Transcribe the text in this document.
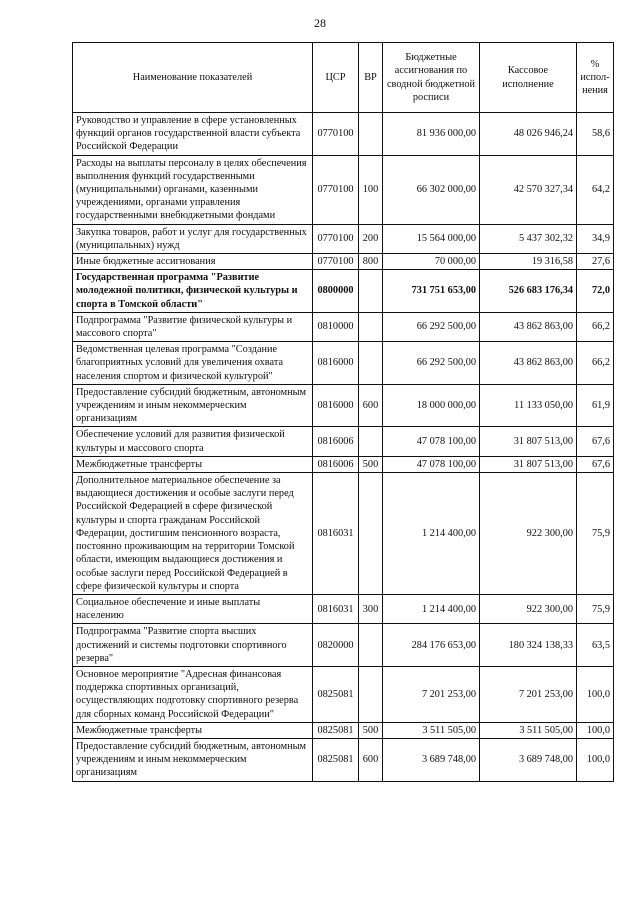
28
Наименование показателей	ЦСР	ВР	Бюджетные ассигнования по сводной бюджетной росписи	Кассовое исполнение	% испол-нения
Руководство и управление в сфере установленных функций органов государственной власти субъекта Российской Федерации	0770100		81 936 000,00	48 026 946,24	58,6
Расходы на выплаты персоналу в целях обеспечения выполнения функций государственными (муниципальными) органами, казенными учреждениями, органами управления государственными внебюджетными фондами	0770100	100	66 302 000,00	42 570 327,34	64,2
Закупка товаров, работ и услуг для государственных (муниципальных) нужд	0770100	200	15 564 000,00	5 437 302,32	34,9
Иные бюджетные ассигнования	0770100	800	70 000,00	19 316,58	27,6
Государственная программа "Развитие молодежной политики, физической культуры и спорта в Томской области"	0800000		731 751 653,00	526 683 176,34	72,0
Подпрограмма "Развитие физической культуры и массового спорта"	0810000		66 292 500,00	43 862 863,00	66,2
Ведомственная целевая программа "Создание благоприятных условий для увеличения охвата населения спортом и физической культурой"	0816000		66 292 500,00	43 862 863,00	66,2
Предоставление субсидий бюджетным, автономным учреждениям и иным некоммерческим организациям	0816000	600	18 000 000,00	11 133 050,00	61,9
Обеспечение условий для развития физической культуры и массового спорта	0816006		47 078 100,00	31 807 513,00	67,6
Межбюджетные трансферты	0816006	500	47 078 100,00	31 807 513,00	67,6
Дополнительное материальное обеспечение за выдающиеся достижения и особые заслуги перед Российской Федерацией в сфере физической культуры и спорта гражданам Российской Федерации, достигшим пенсионного возраста, постоянно проживающим на территории Томской области, имеющим выдающиеся достижения и особые заслуги перед Российской Федерацией в сфере физической культуры и спорта	0816031		1 214 400,00	922 300,00	75,9
Социальное обеспечение и иные выплаты населению	0816031	300	1 214 400,00	922 300,00	75,9
Подпрограмма "Развитие спорта высших достижений и системы подготовки спортивного резерва"	0820000		284 176 653,00	180 324 138,33	63,5
Основное мероприятие "Адресная финансовая поддержка спортивных организаций, осуществляющих подготовку спортивного резерва для сборных команд Российской Федерации"	0825081		7 201 253,00	7 201 253,00	100,0
Межбюджетные трансферты	0825081	500	3 511 505,00	3 511 505,00	100,0
Предоставление субсидий бюджетным, автономным учреждениям и иным некоммерческим организациям	0825081	600	3 689 748,00	3 689 748,00	100,0
